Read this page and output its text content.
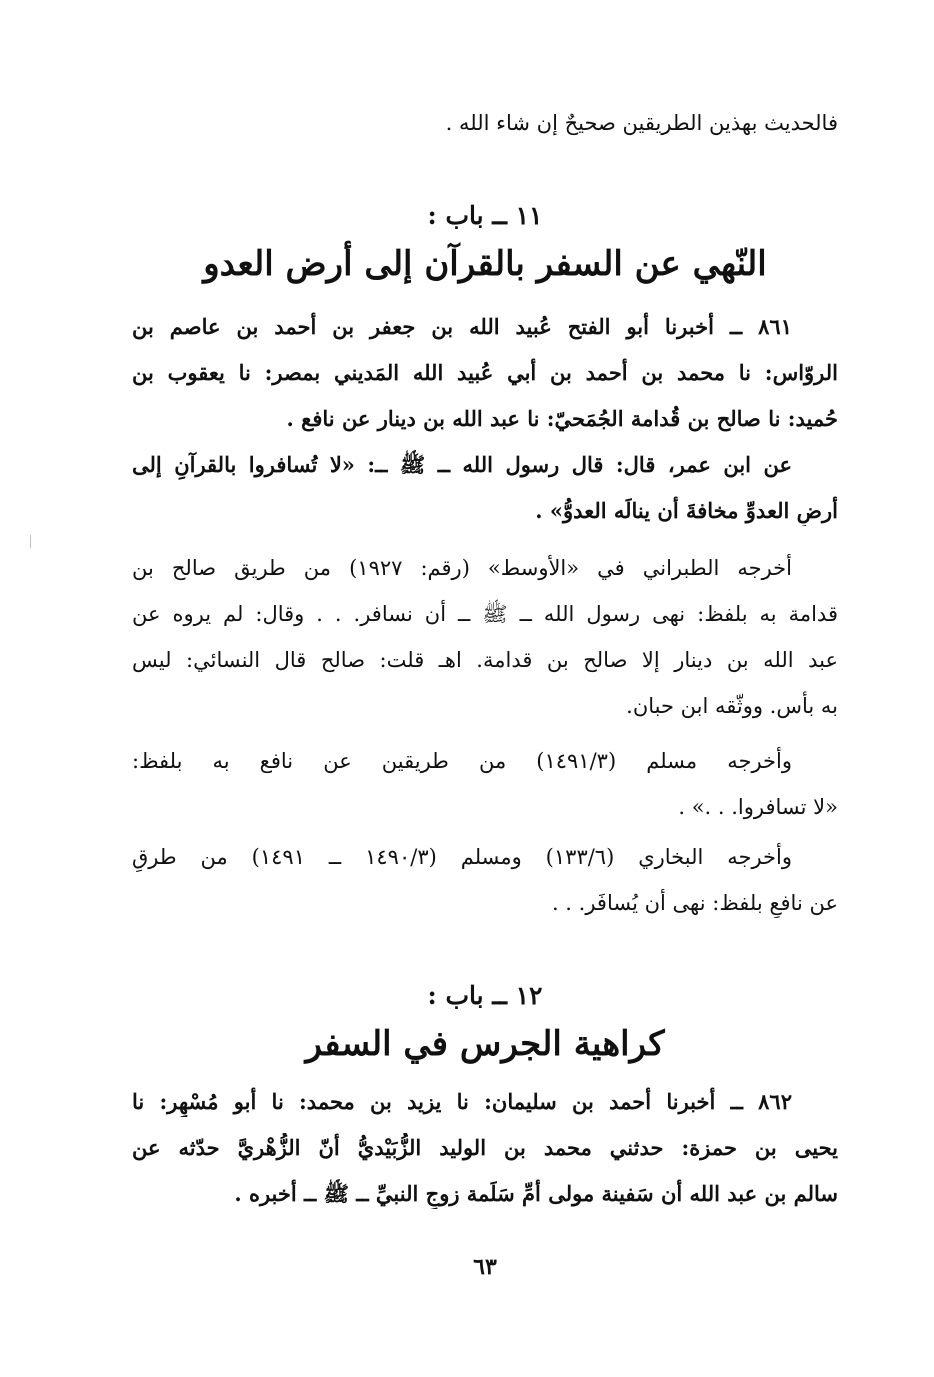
فالحديث بهذين الطريقين صحيحٌ إن شاء الله .
١١ ــ باب :
النّهي عن السفر بالقرآن إلى أرض العدو
٨٦١ ــ أخبرنا أبو الفتح عُبيد الله بن جعفر بن أحمد بن عاصم بن
الروّاس: نا محمد بن أحمد بن أبي عُبيد الله المَديني بمصر: نا يعقوب بن
حُميد: نا صالح بن قُدامة الجُمَحيّ: نا عبد الله بن دينار عن نافع .
عن ابن عمر، قال: قال رسول الله ــ ﷺ ــ: «لا تُسافروا بالقرآنِ إلى
أرضِ العدوِّ مخافةَ أن ينالَه العدوُّ» .
أخرجه الطبراني في «الأوسط» (رقم: ١٩٢٧) من طريق صالح بن
قدامة به بلفظ: نهى رسول الله ــ ﷺ ــ أن نسافر. . . وقال: لم يروه عن
عبد الله بن دينار إلا صالح بن قدامة. اهـ قلت: صالح قال النسائي: ليس
به بأس. ووثّقه ابن حبان.
وأخرجه مسلم (١٤٩١/٣) من طريقين عن نافع به بلفظ:
«لا تسافروا. . .» .
وأخرجه البخاري (١٣٣/٦) ومسلم (١٤٩٠/٣ ــ ١٤٩١) من طرقٍ
عن نافعٍ بلفظ: نهى أن يُسافَر. . .
١٢ ــ باب :
كراهية الجرس في السفر
٨٦٢ ــ أخبرنا أحمد بن سليمان: نا يزيد بن محمد: نا أبو مُسْهِر: نا
يحيى بن حمزة: حدثني محمد بن الوليد الزُّبَيْديُّ أنّ الزُّهْريَّ حدّثه عن
سالم بن عبد الله أن سَفينة مولى أمِّ سَلَمة زوجِ النبيِّ ــ ﷺ ــ أخبره .
٦٣
